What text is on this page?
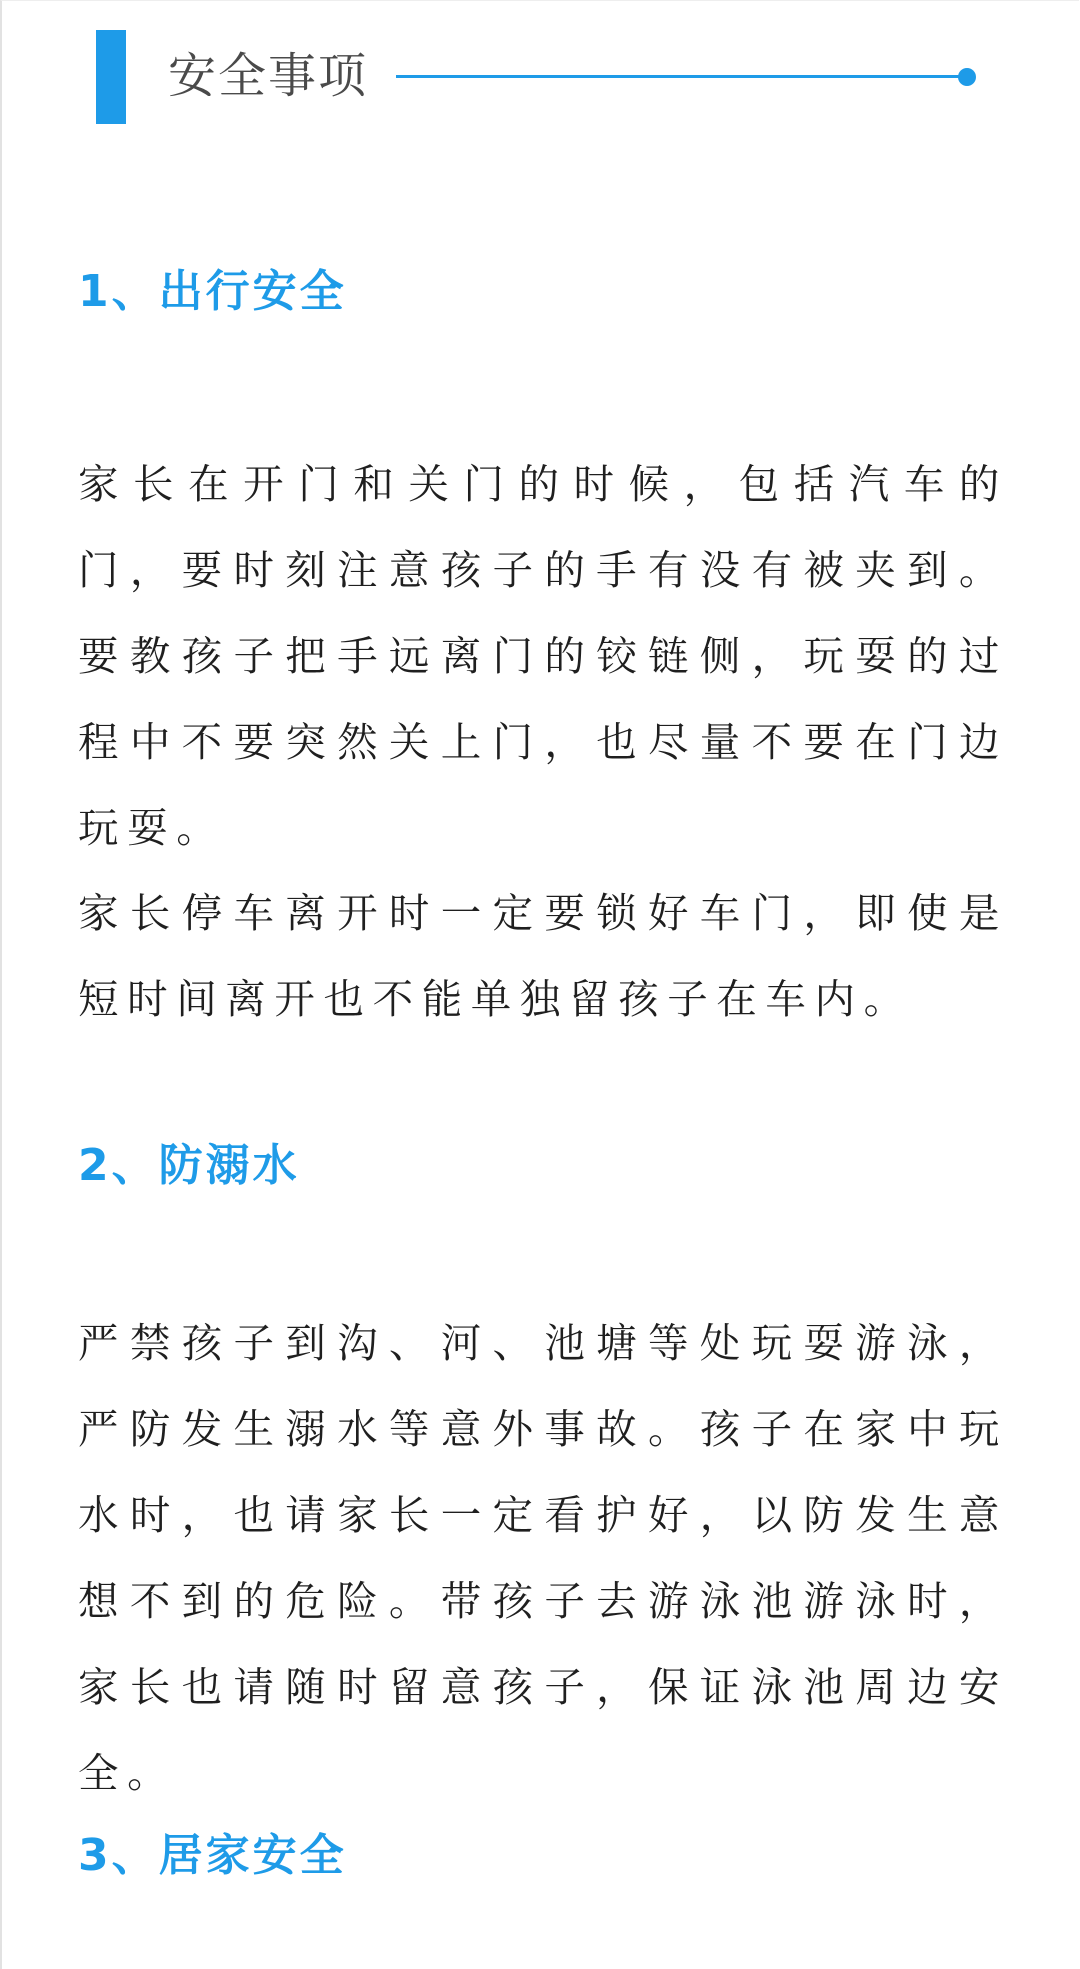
安全事项
1、出行安全

家长在开门和关门的时候，包括汽车的门，要时刻注意孩子的手有没有被夹到。要教孩子把手远离门的铰链侧，玩耍的过程中不要突然关上门，也尽量不要在门边玩耍。

家长停车离开时一定要锁好车门，即使是短时间离开也不能单独留孩子在车内。

2、防溺水

严禁孩子到沟、河、池塘等处玩耍游泳，严防发生溺水等意外事故。孩子在家中玩水时，也请家长一定看护好，以防发生意想不到的危险。带孩子去游泳池游泳时，家长也请随时留意孩子，保证泳池周边安全。

3、居家安全
